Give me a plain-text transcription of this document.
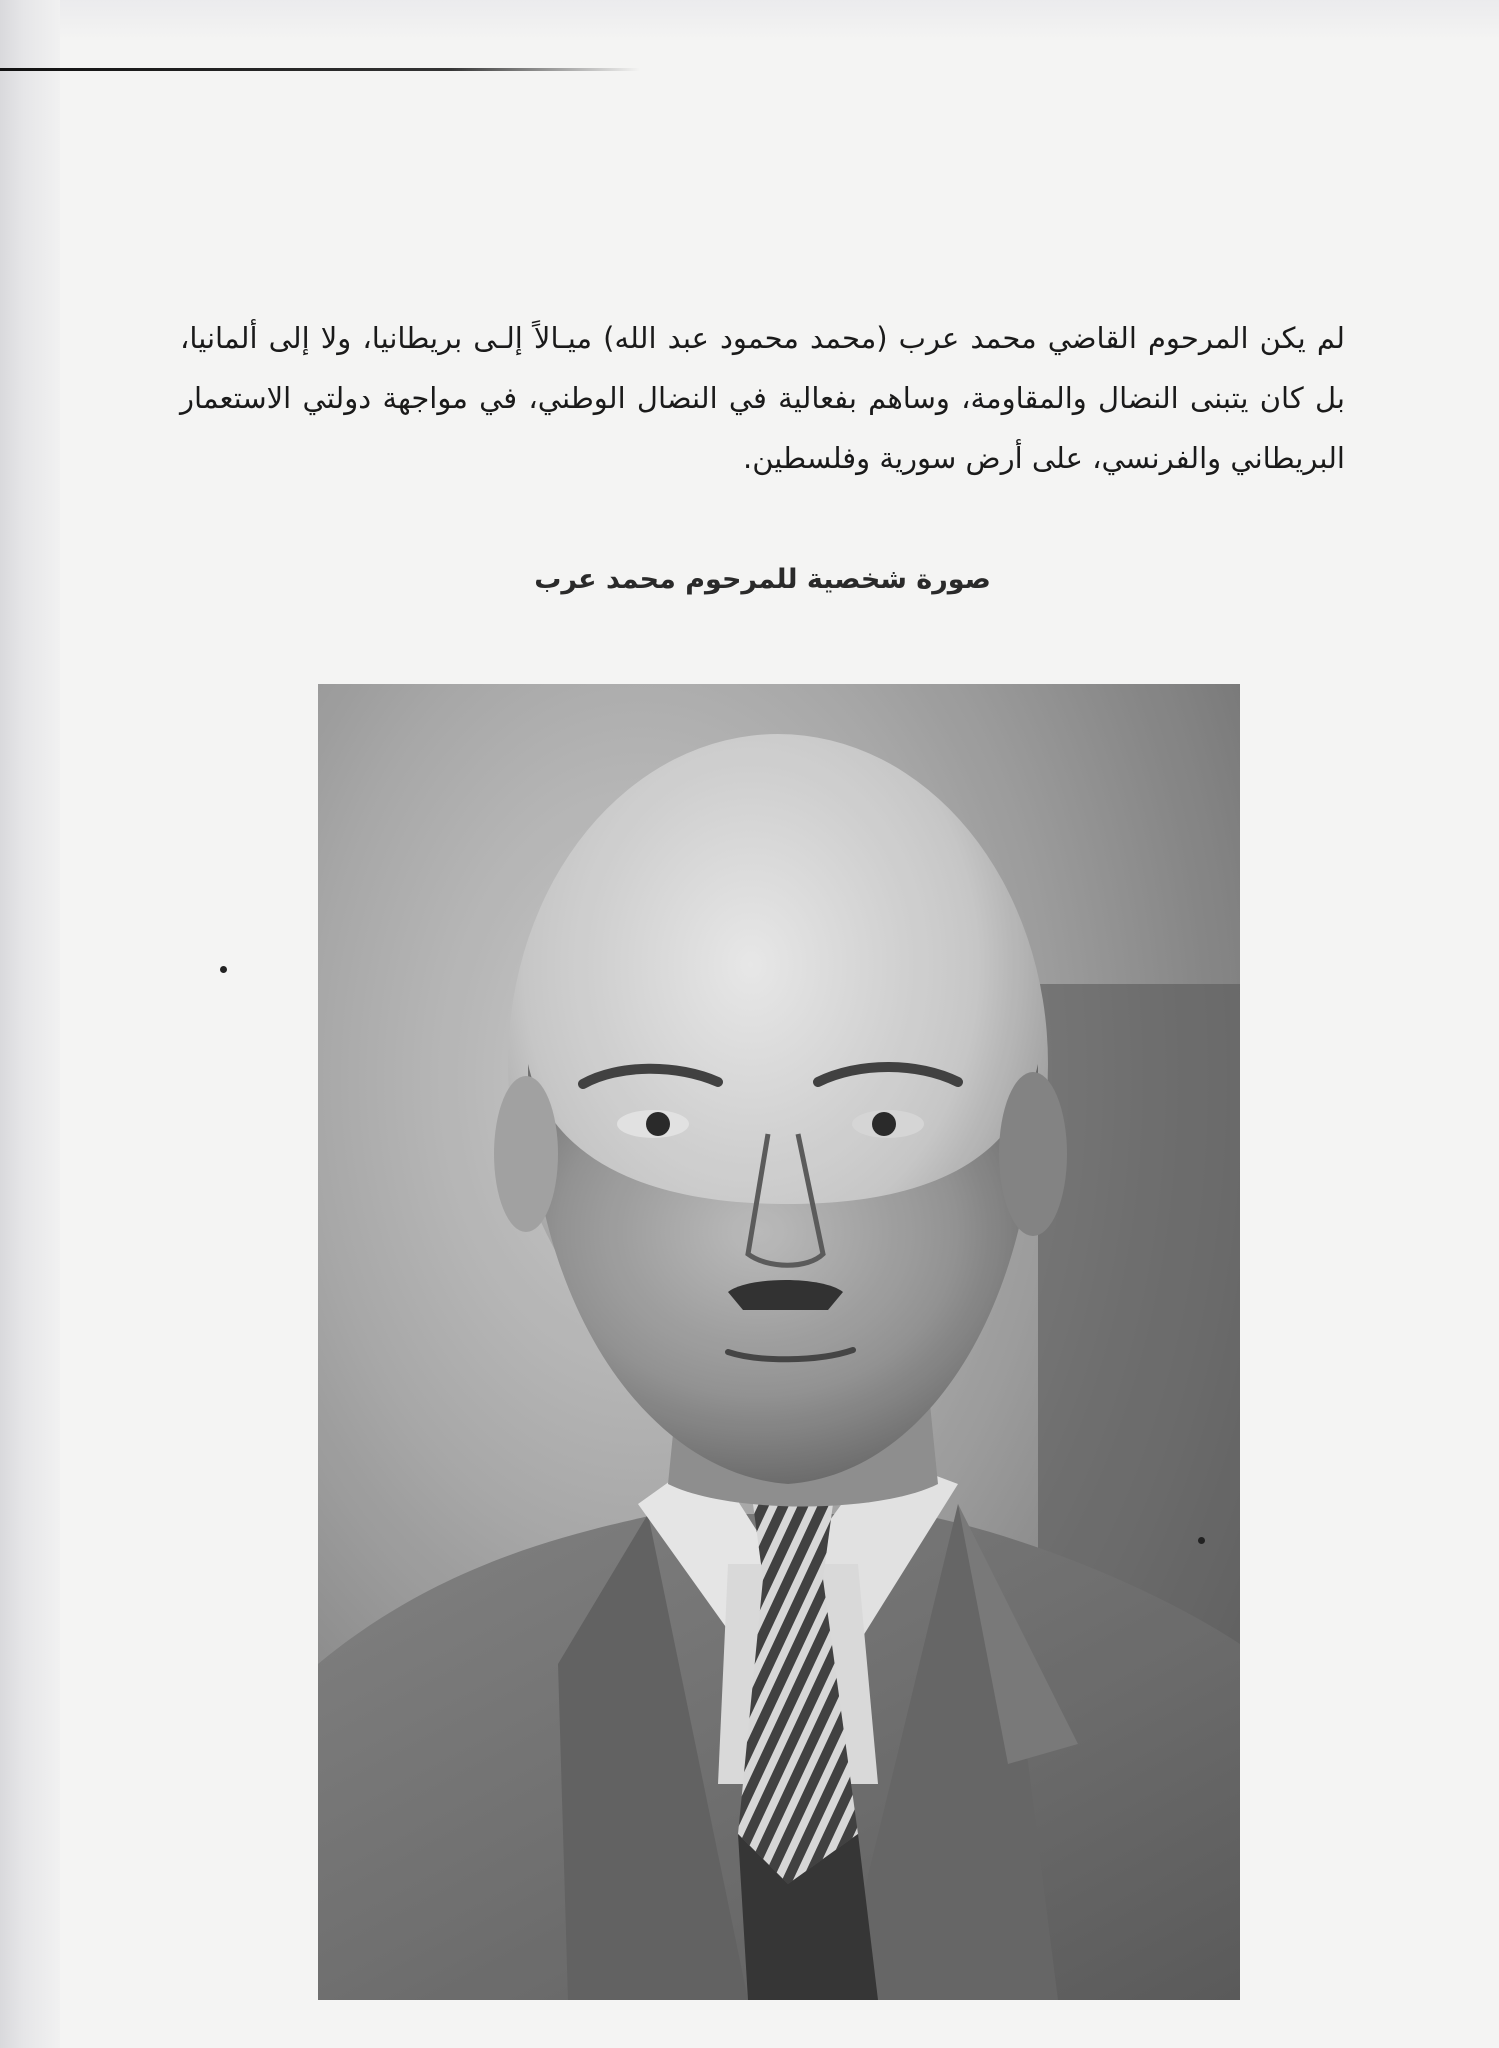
لم يكن المرحوم القاضي محمد عرب (محمد محمود عبد الله) ميـالاً إلـى بريطانيا، ولا إلى ألمانيا، بل كان يتبنى النضال والمقاومة، وساهم بفعالية في النضال الوطني، في مواجهة دولتي الاستعمار البريطاني والفرنسي، على أرض سورية وفلسطين.

صورة شخصية للمرحوم محمد عرب
